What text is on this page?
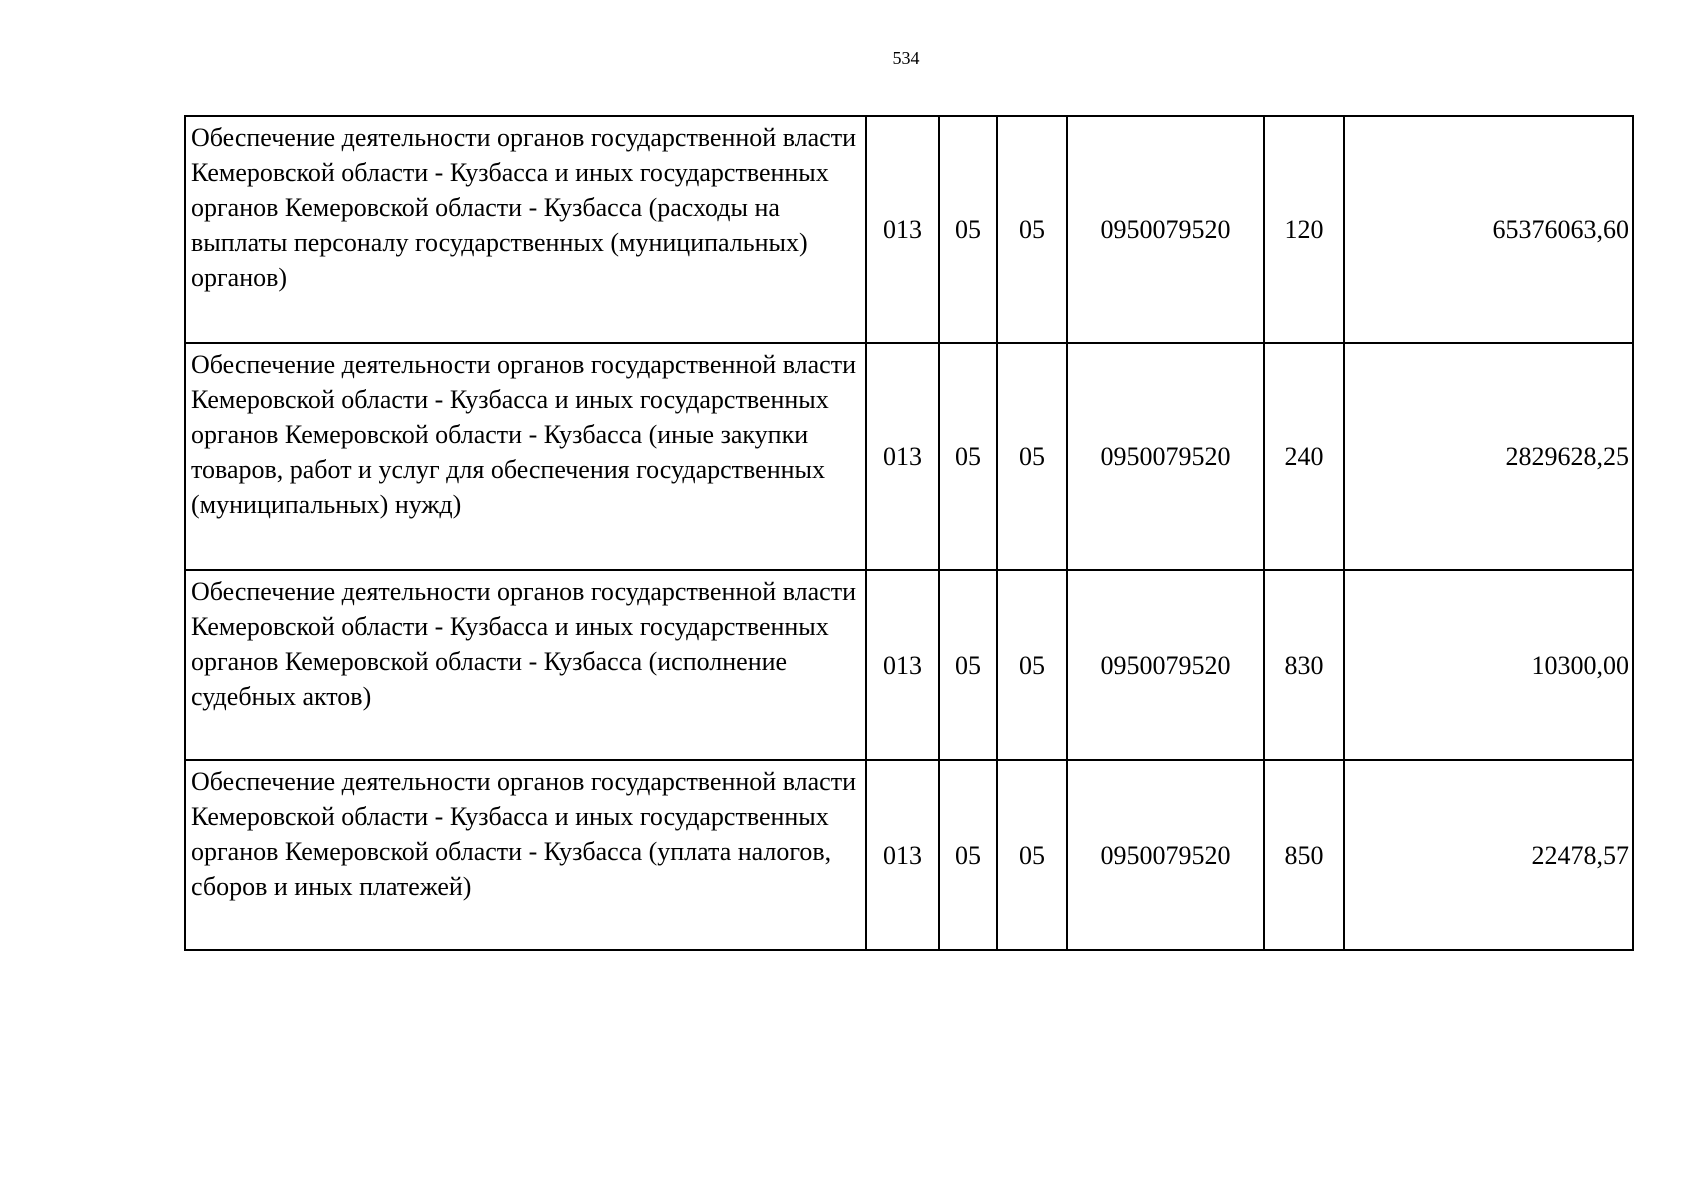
534
Обеспечение деятельности органов государственной власти Кемеровской области - Кузбасса и иных государственных органов Кемеровской области - Кузбасса (расходы на выплаты персоналу государственных (муниципальных) органов)	013	05	05	0950079520	120	65376063,60
Обеспечение деятельности органов государственной власти Кемеровской области - Кузбасса и иных государственных органов Кемеровской области - Кузбасса (иные закупки товаров, работ и услуг для обеспечения государственных (муниципальных) нужд)	013	05	05	0950079520	240	2829628,25
Обеспечение деятельности органов государственной власти Кемеровской области - Кузбасса и иных государственных органов Кемеровской области - Кузбасса (исполнение судебных актов)	013	05	05	0950079520	830	10300,00
Обеспечение деятельности органов государственной власти Кемеровской области - Кузбасса и иных государственных органов Кемеровской области - Кузбасса (уплата налогов, сборов и иных платежей)	013	05	05	0950079520	850	22478,57
